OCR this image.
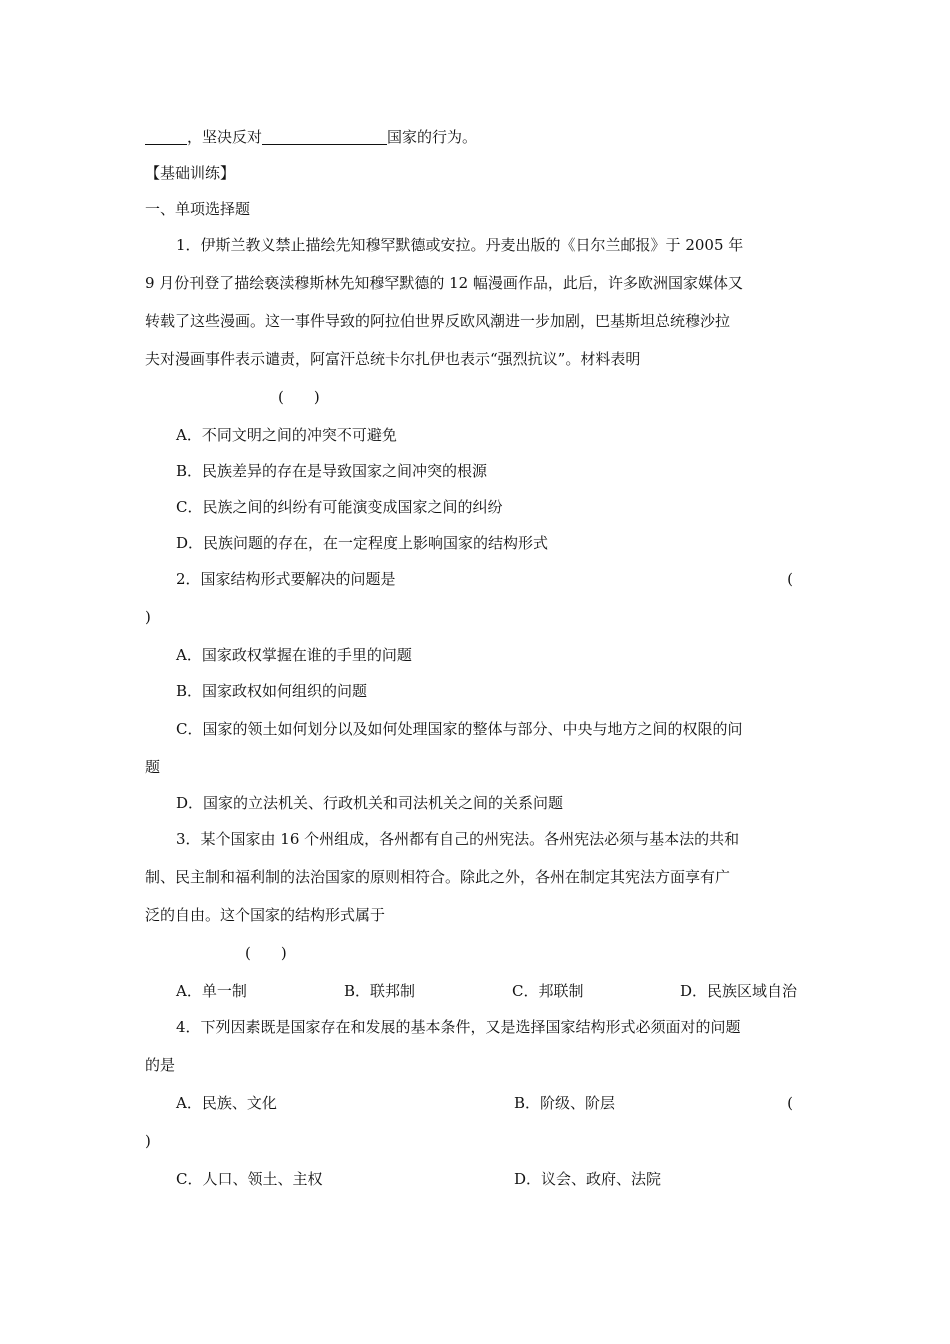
，坚决反对	国家的行为。
【基础训练】
一、单项选择题
1．伊斯兰教义禁止描绘先知穆罕默德或安拉。丹麦出版的《日尔兰邮报》于 2005 年
9 月份刊登了描绘亵渎穆斯林先知穆罕默德的 12 幅漫画作品，此后，许多欧洲国家媒体又
转载了这些漫画。这一事件导致的阿拉伯世界反欧风潮进一步加剧，巴基斯坦总统穆沙拉
夫对漫画事件表示谴责，阿富汗总统卡尔扎伊也表示“强烈抗议”。材料表明
(　　)
A．不同文明之间的冲突不可避免
B．民族差异的存在是导致国家之间冲突的根源
C．民族之间的纠纷有可能演变成国家之间的纠纷
D．民族问题的存在，在一定程度上影响国家的结构形式
2．国家结构形式要解决的问题是	(
)
A．国家政权掌握在谁的手里的问题
B．国家政权如何组织的问题
C．国家的领土如何划分以及如何处理国家的整体与部分、中央与地方之间的权限的问
题
D．国家的立法机关、行政机关和司法机关之间的关系问题
3．某个国家由 16 个州组成，各州都有自己的州宪法。各州宪法必须与基本法的共和
制、民主制和福利制的法治国家的原则相符合。除此之外，各州在制定其宪法方面享有广
泛的自由。这个国家的结构形式属于
(　　)
A．单一制	B．联邦制	C．邦联制	D．民族区域自治
4．下列因素既是国家存在和发展的基本条件，又是选择国家结构形式必须面对的问题
的是
A．民族、文化	B．阶级、阶层	(
)
C．人口、领土、主权	D．议会、政府、法院
